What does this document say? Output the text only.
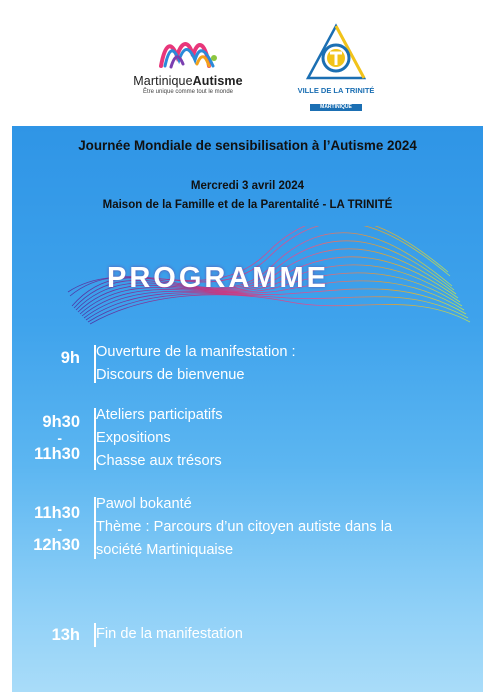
MartiniqueAutisme
Être unique comme tout le monde	VILLE DE LA TRINITÉ
MARTINIQUE
Journée Mondiale de sensibilisation à l’Autisme 2024
Mercredi 3 avril 2024
Maison de la Famille et de la Parentalité - LA TRINITÉ
PROGRAMME
9h Ouverture de la manifestation :
Discours de bienvenue
9h30
-
11h30
Ateliers participatifs
Expositions
Chasse aux trésors
11h30
-
12h30
Pawol bokanté
Thème : Parcours d’un citoyen autiste dans la
société Martiniquaise
13h Fin de la manifestation
